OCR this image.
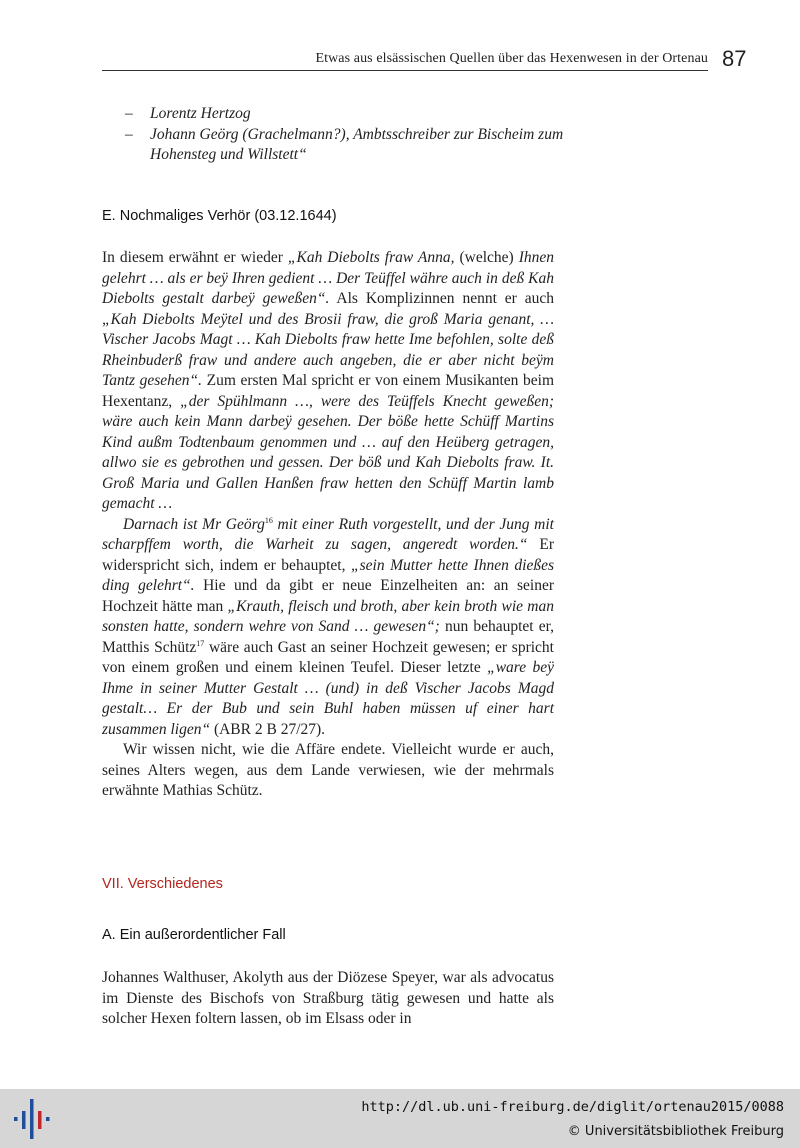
Etwas aus elsässischen Quellen über das Hexenwesen in der Ortenau 87
– Lorentz Hertzog
– Johann Geörg (Grachelmann?), Ambtsschreiber zur Bischeim zum Hohensteg und Willstett“
E. Nochmaliges Verhör (03.12.1644)

In diesem erwähnt er wieder „Kah Diebolts fraw Anna, (welche) Ihnen gelehrt … als er beÿ Ihren gedient … Der Teüffel währe auch in deß Kah Diebolts gestalt darbeÿ geweßen“. Als Komplizinnen nennt er auch „Kah Diebolts Meÿtel und des Brosii fraw, die groß Maria genant, … Vischer Jacobs Magt … Kah Diebolts fraw hette Ime befohlen, solte deß Rheinbuderß fraw und andere auch angeben, die er aber nicht beÿm Tantz gesehen“. Zum ersten Mal spricht er von einem Musikanten beim Hexentanz, „der Spühlmann …, were des Teüffels Knecht geweßen; wäre auch kein Mann darbeÿ gesehen. Der böße hette Schüff Martins Kind außm Todtenbaum genommen und … auf den Heüberg getragen, allwo sie es gebrothen und gessen. Der böß und Kah Diebolts fraw. It. Groß Maria und Gallen Hanßen fraw hetten den Schüff Martin lamb gemacht …

Darnach ist Mr Geörg$^{16}$ mit einer Ruth vorgestellt, und der Jung mit scharpffem worth, die Warheit zu sagen, angeredt worden.“ Er widerspricht sich, indem er behauptet, „sein Mutter hette Ihnen dießes ding gelehrt“. Hie und da gibt er neue Einzelheiten an: an seiner Hochzeit hätte man „Krauth, fleisch und broth, aber kein broth wie man sonsten hatte, sondern wehre von Sand … gewesen“; nun behauptet er, Matthis Schütz$^{17}$ wäre auch Gast an seiner Hochzeit gewesen; er spricht von einem großen und einem kleinen Teufel. Dieser letzte „ware beÿ Ihme in seiner Mutter Gestalt … (und) in deß Vischer Jacobs Magd gestalt… Er der Bub und sein Buhl haben müssen uf einer hart zusammen ligen“ (ABR 2 B 27/27).

Wir wissen nicht, wie die Affäre endete. Vielleicht wurde er auch, seines Alters wegen, aus dem Lande verwiesen, wie der mehrmals erwähnte Mathias Schütz.

VII. Verschiedenes
A. Ein außerordentlicher Fall

Johannes Walthuser, Akolyth aus der Diözese Speyer, war als advocatus im Dienste des Bischofs von Straßburg tätig gewesen und hatte als solcher Hexen foltern lassen, ob im Elsass oder in

http://dl.ub.uni-freiburg.de/diglit/ortenau2015/0088
© Universitätsbibliothek Freiburg
